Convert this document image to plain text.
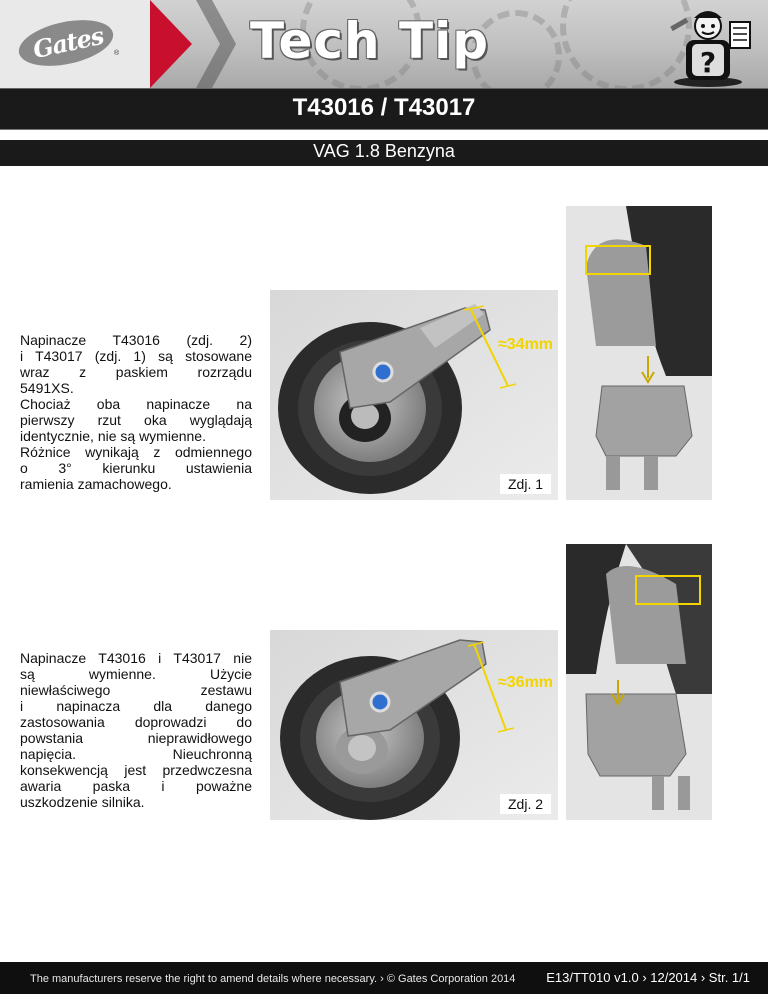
Gates	®	Tech Tip	?
T43016 / T43017
VAG 1.8 Benzyna
Napinacze T43016 (zdj. 2)
i T43017 (zdj. 1) są stosowane
wraz z paskiem rozrządu
5491XS.
Chociaż oba napinacze na
pierwszy rzut oka wyglądają
identycznie, nie są wymienne.
Różnice wynikają z odmiennego
o 3° kierunku ustawienia
ramienia zamachowego.
Napinacze T43016 i T43017 nie
są wymienne. Użycie
niewłaściwego zestawu
i napinacza dla danego
zastosowania doprowadzi do
powstania nieprawidłowego
napięcia. Nieuchronną
konsekwencją jest przedwczesna
awaria paska i poważne
uszkodzenie silnika.
≈34mm
Zdj. 1
≈36mm
Zdj. 2
The manufacturers reserve the right to amend details where necessary. › © Gates Corporation 2014 E13/TT010 v1.0 › 12/2014 › Str. 1/1
